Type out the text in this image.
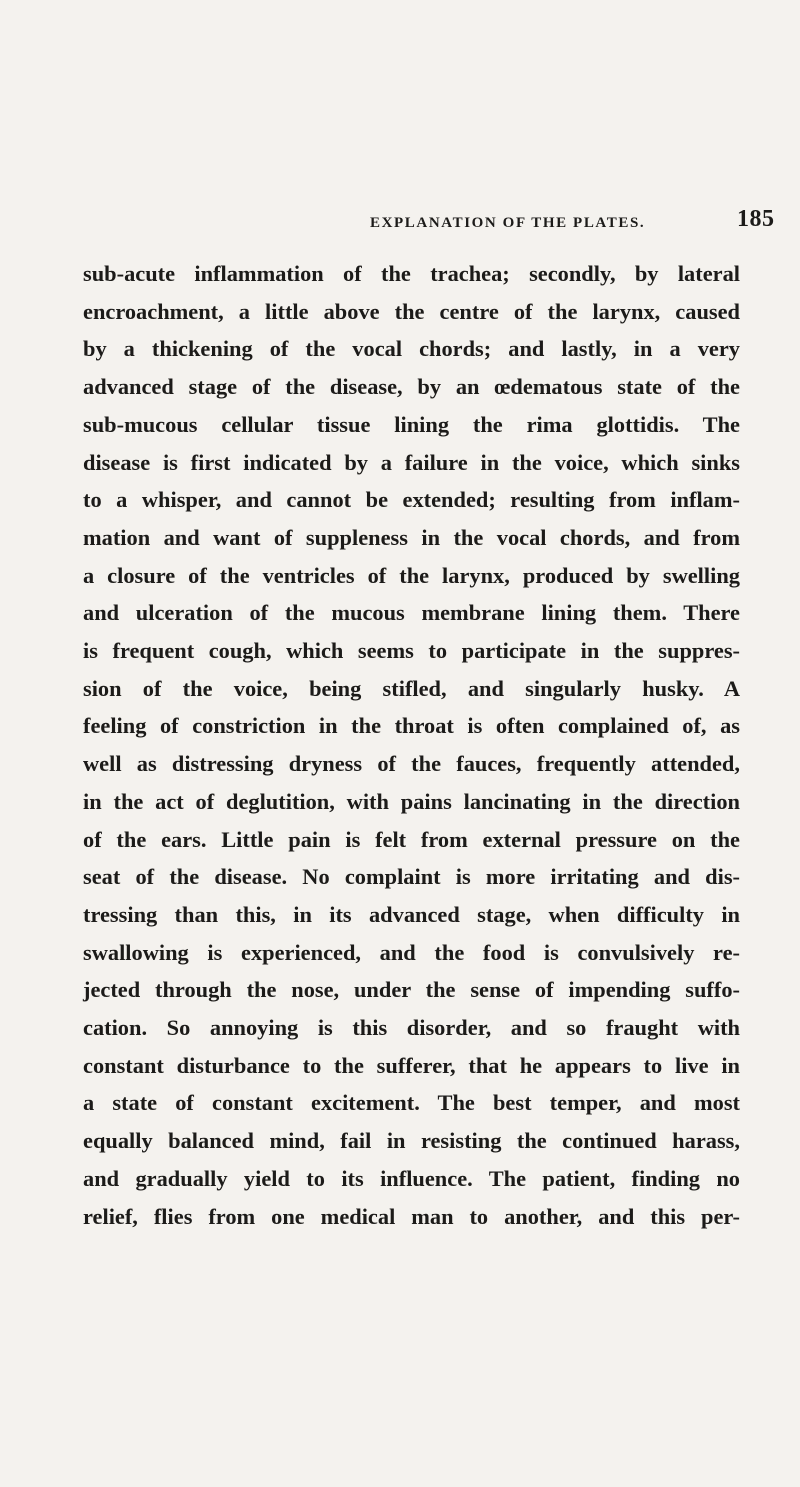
EXPLANATION OF THE PLATES.	185

sub-acute inflammation of the trachea; secondly, by lateral
encroachment, a little above the centre of the larynx, caused
by a thickening of the vocal chords; and lastly, in a very
advanced stage of the disease, by an œdematous state of the
sub-mucous cellular tissue lining the rima glottidis. The
disease is first indicated by a failure in the voice, which sinks
to a whisper, and cannot be extended; resulting from inflam-
mation and want of suppleness in the vocal chords, and from
a closure of the ventricles of the larynx, produced by swelling
and ulceration of the mucous membrane lining them. There
is frequent cough, which seems to participate in the suppres-
sion of the voice, being stifled, and singularly husky. A
feeling of constriction in the throat is often complained of, as
well as distressing dryness of the fauces, frequently attended,
in the act of deglutition, with pains lancinating in the direction
of the ears. Little pain is felt from external pressure on the
seat of the disease. No complaint is more irritating and dis-
tressing than this, in its advanced stage, when difficulty in
swallowing is experienced, and the food is convulsively re-
jected through the nose, under the sense of impending suffo-
cation. So annoying is this disorder, and so fraught with
constant disturbance to the sufferer, that he appears to live in
a state of constant excitement. The best temper, and most
equally balanced mind, fail in resisting the continued harass,
and gradually yield to its influence. The patient, finding no
relief, flies from one medical man to another, and this per-
